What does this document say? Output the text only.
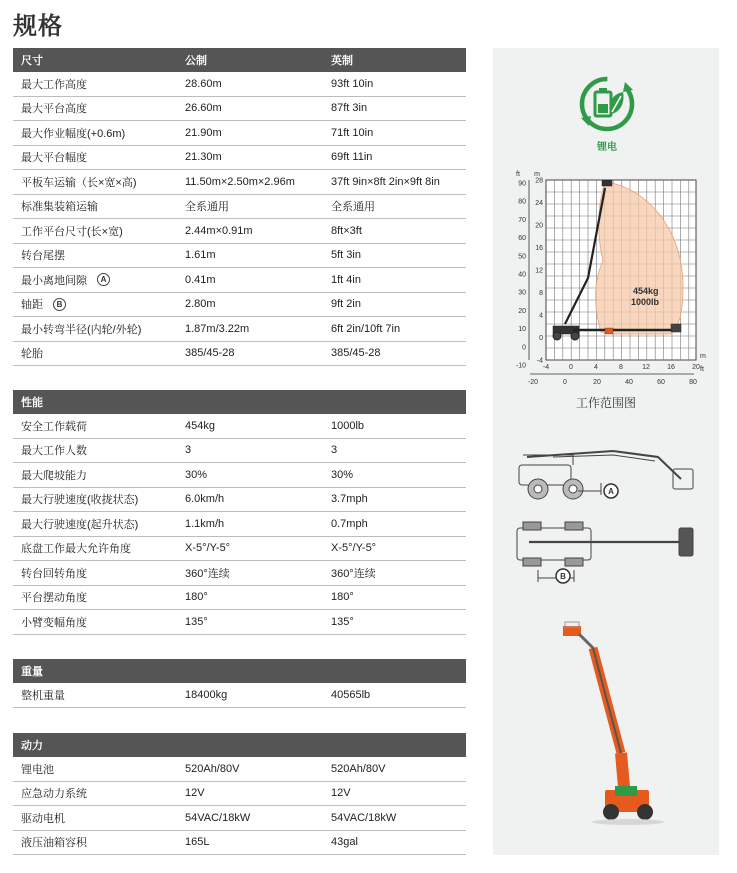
规格
尺寸	公制	英制
最大工作高度	28.60m	93ft 10in
最大平台高度	26.60m	87ft 3in
最大作业幅度(+0.6m)	21.90m	71ft 10in
最大平台幅度	21.30m	69ft 11in
平板车运输（长×宽×高)	11.50m×2.50m×2.96m	37ft 9in×8ft 2in×9ft 8in
标准集装箱运输	全系通用	全系通用
工作平台尺寸(长×宽)	2.44m×0.91m	8ft×3ft
转台尾摆	1.61m	5ft 3in
最小离地间隙	A	0.41m	1ft 4in
轴距	B	2.80m	9ft 2in
最小转弯半径(内轮/外轮)	1.87m/3.22m	6ft 2in/10ft 7in
轮胎	385/45-28	385/45-28
性能
安全工作载荷	454kg	1000lb
最大工作人数	3	3
最大爬坡能力	30%	30%
最大行驶速度(收拢状态)	6.0km/h	3.7mph
最大行驶速度(起升状态)	1.1km/h	0.7mph
底盘工作最大允许角度	X-5°/Y-5°	X-5°/Y-5°
转台回转角度	360°连续	360°连续
平台摆动角度	180°	180°
小臂变幅角度	135°	135°
重量
整机重量	18400kg	40565lb
动力
锂电池	520Ah/80V	520Ah/80V
应急动力系统	12V	12V
驱动电机	54VAC/18kW	54VAC/18kW
液压油箱容积	165L	43gal
锂电
ft m
m
ft
90
80
70
60
50
40
30
20
10
0
-10
28
24
20
16
12
8
4
0
-4
-4	0	4	8	12 16 20
-20	0	20	40	60	80
454kg
1000lb
工作范围图
A
B
